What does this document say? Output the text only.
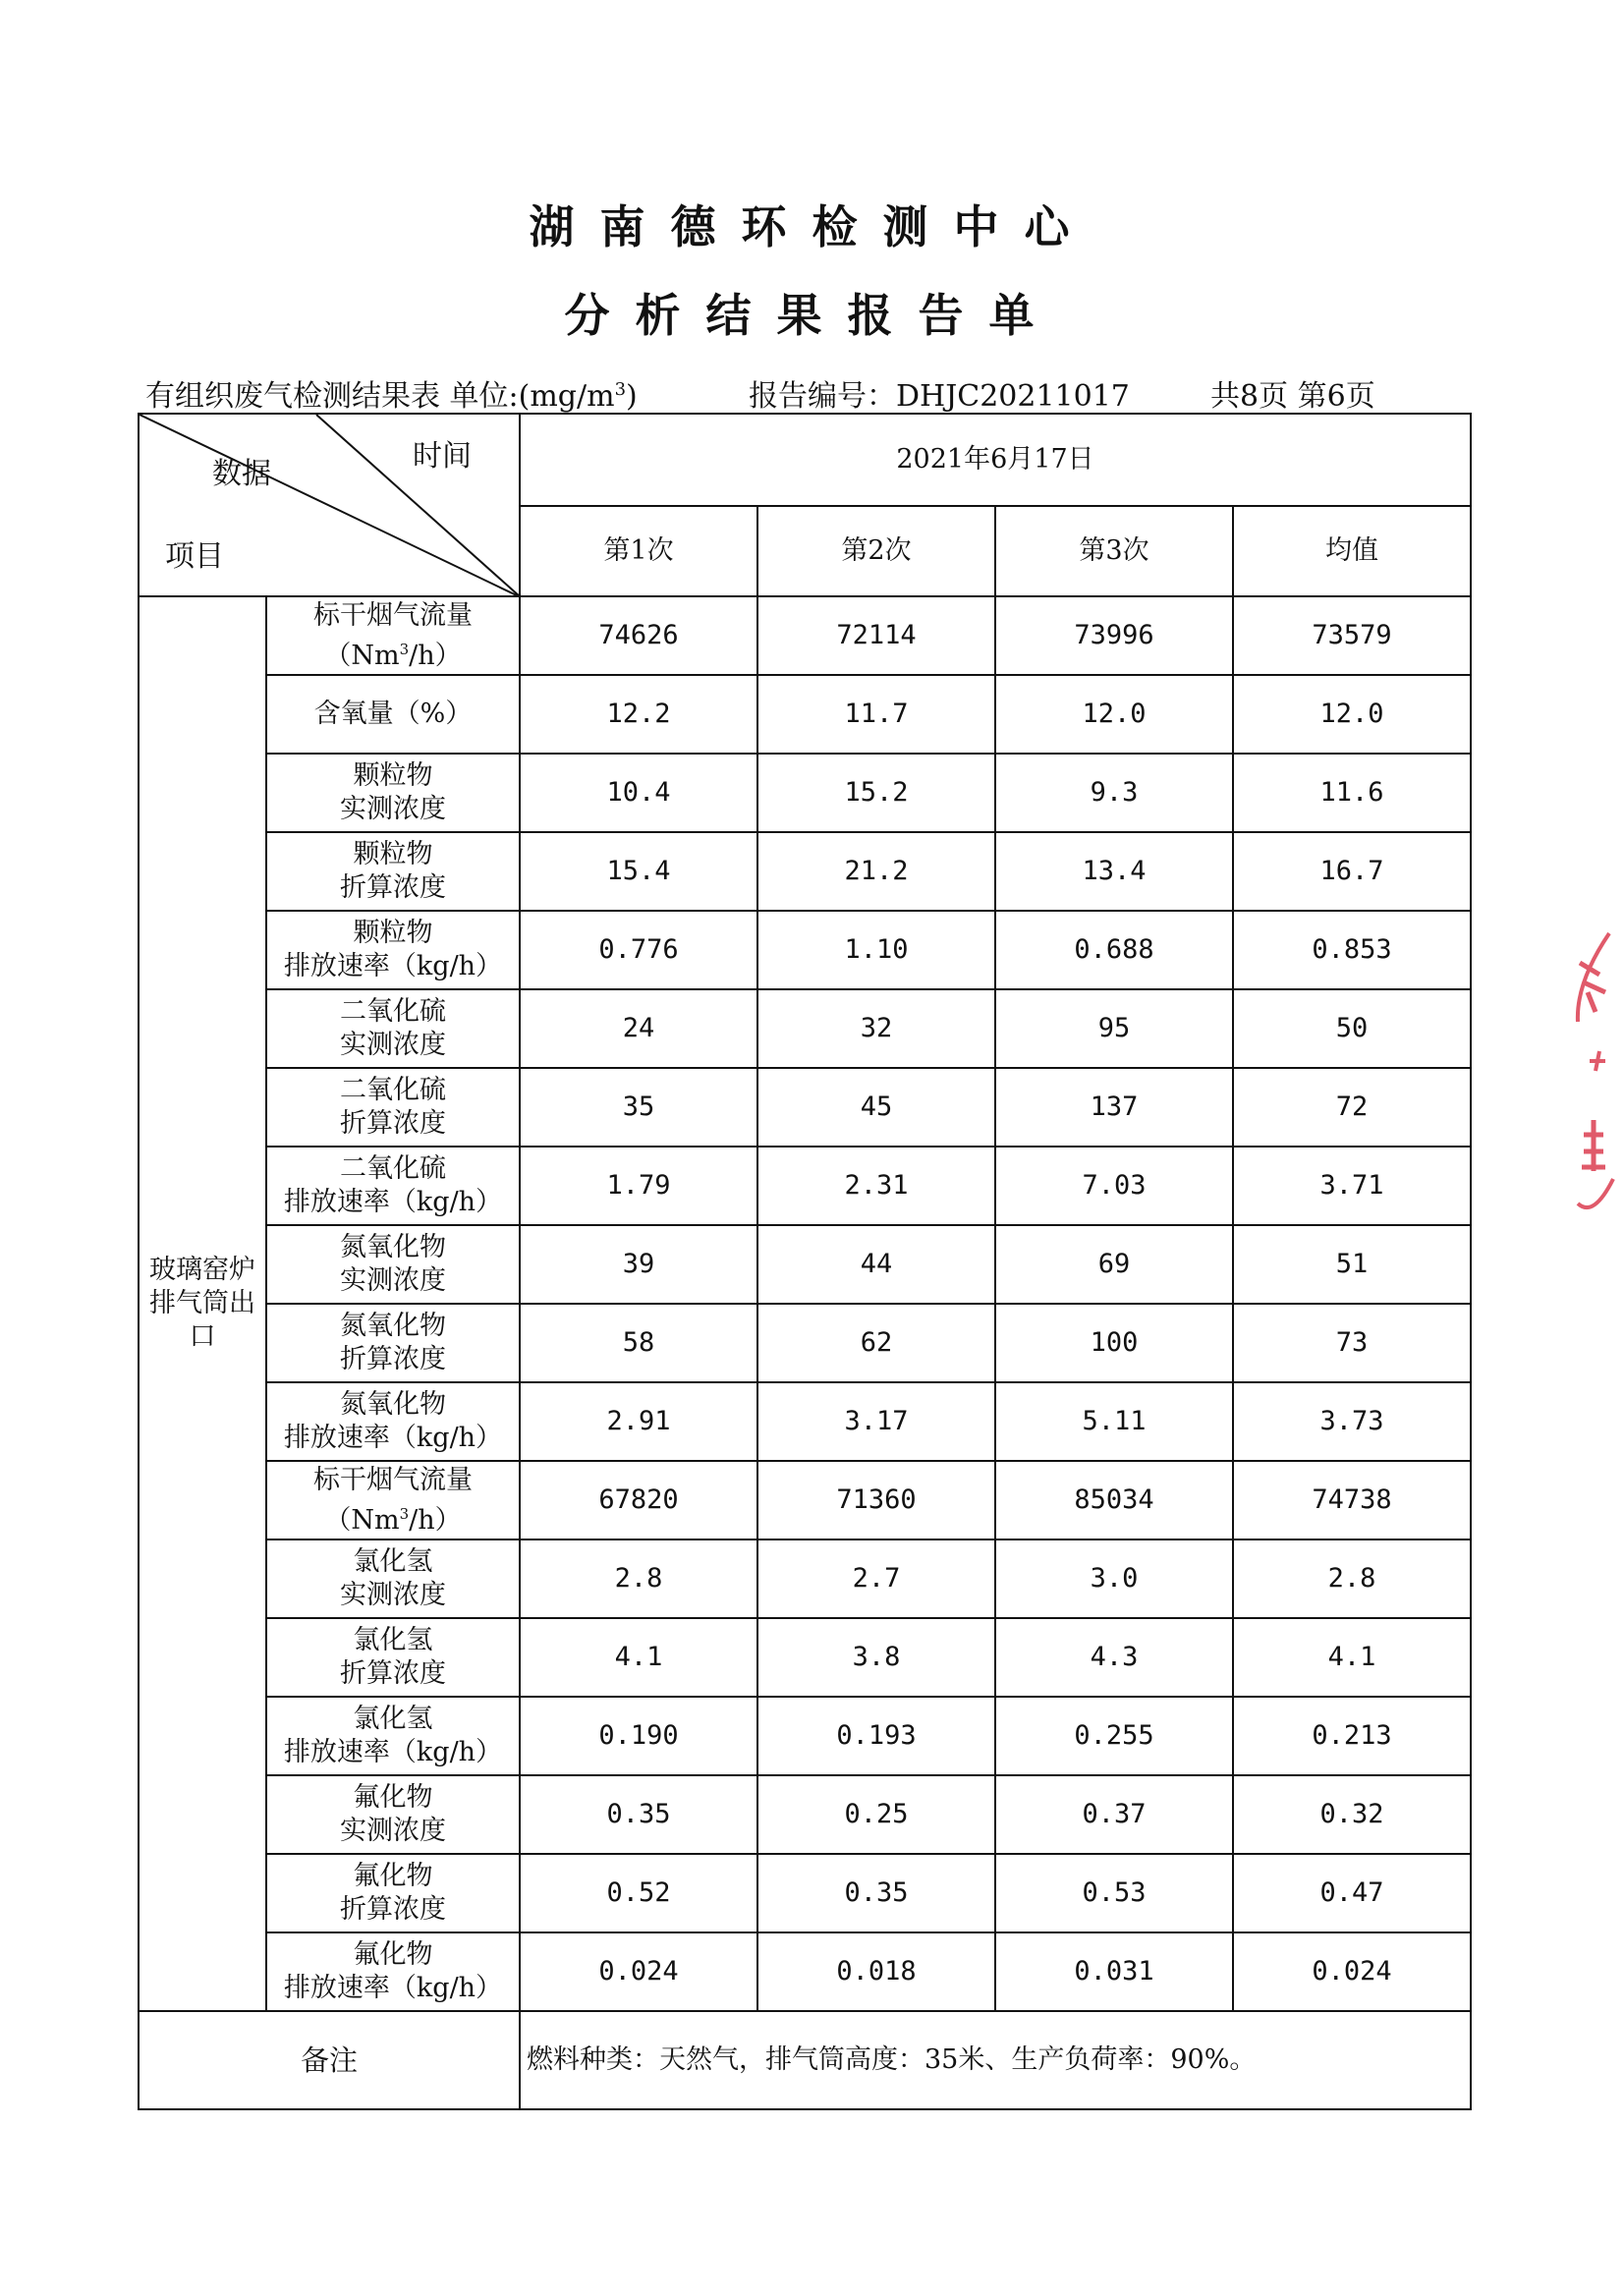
湖南德环检测中心
分析结果报告单
有组织废气检测结果表 单位$:(mg/m^3)$	报告编号：DHJC20211017	共8页 第6页
时间
数据
项目		2021年6月17日			
		第1次	第2次	第3次	均值
玻璃窑炉排气筒出口	标干烟气流量
（Nm$^3$/h）	74626	72114	73996	73579

	含氧量（%）	12.2	11.7	12.0	12.0

	颗粒物
实测浓度	10.4	15.2	9.3	11.6

	颗粒物
折算浓度	15.4	21.2	13.4	16.7

	颗粒物
排放速率（kg/h）	0.776	1.10	0.688	0.853

	二氧化硫
实测浓度	24	32	95	50

	二氧化硫
折算浓度	35	45	137	72

	二氧化硫
排放速率（kg/h）	1.79	2.31	7.03	3.71

	氮氧化物
实测浓度	39	44	69	51

	氮氧化物
折算浓度	58	62	100	73

	氮氧化物
排放速率（kg/h）	2.91	3.17	5.11	3.73

	标干烟气流量
（Nm$^3$/h）	67820	71360	85034	74738

	氯化氢
实测浓度	2.8	2.7	3.0	2.8

	氯化氢
折算浓度	4.1	3.8	4.3	4.1

	氯化氢
排放速率（kg/h）	0.190	0.193	0.255	0.213

	氟化物
实测浓度	0.35	0.25	0.37	0.32

	氟化物
折算浓度	0.52	0.35	0.53	0.47

	氟化物
排放速率（kg/h）	0.024	0.018	0.031	0.024
备注		燃料种类：天然气，排气筒高度：35米、生产负荷率：90%。			
